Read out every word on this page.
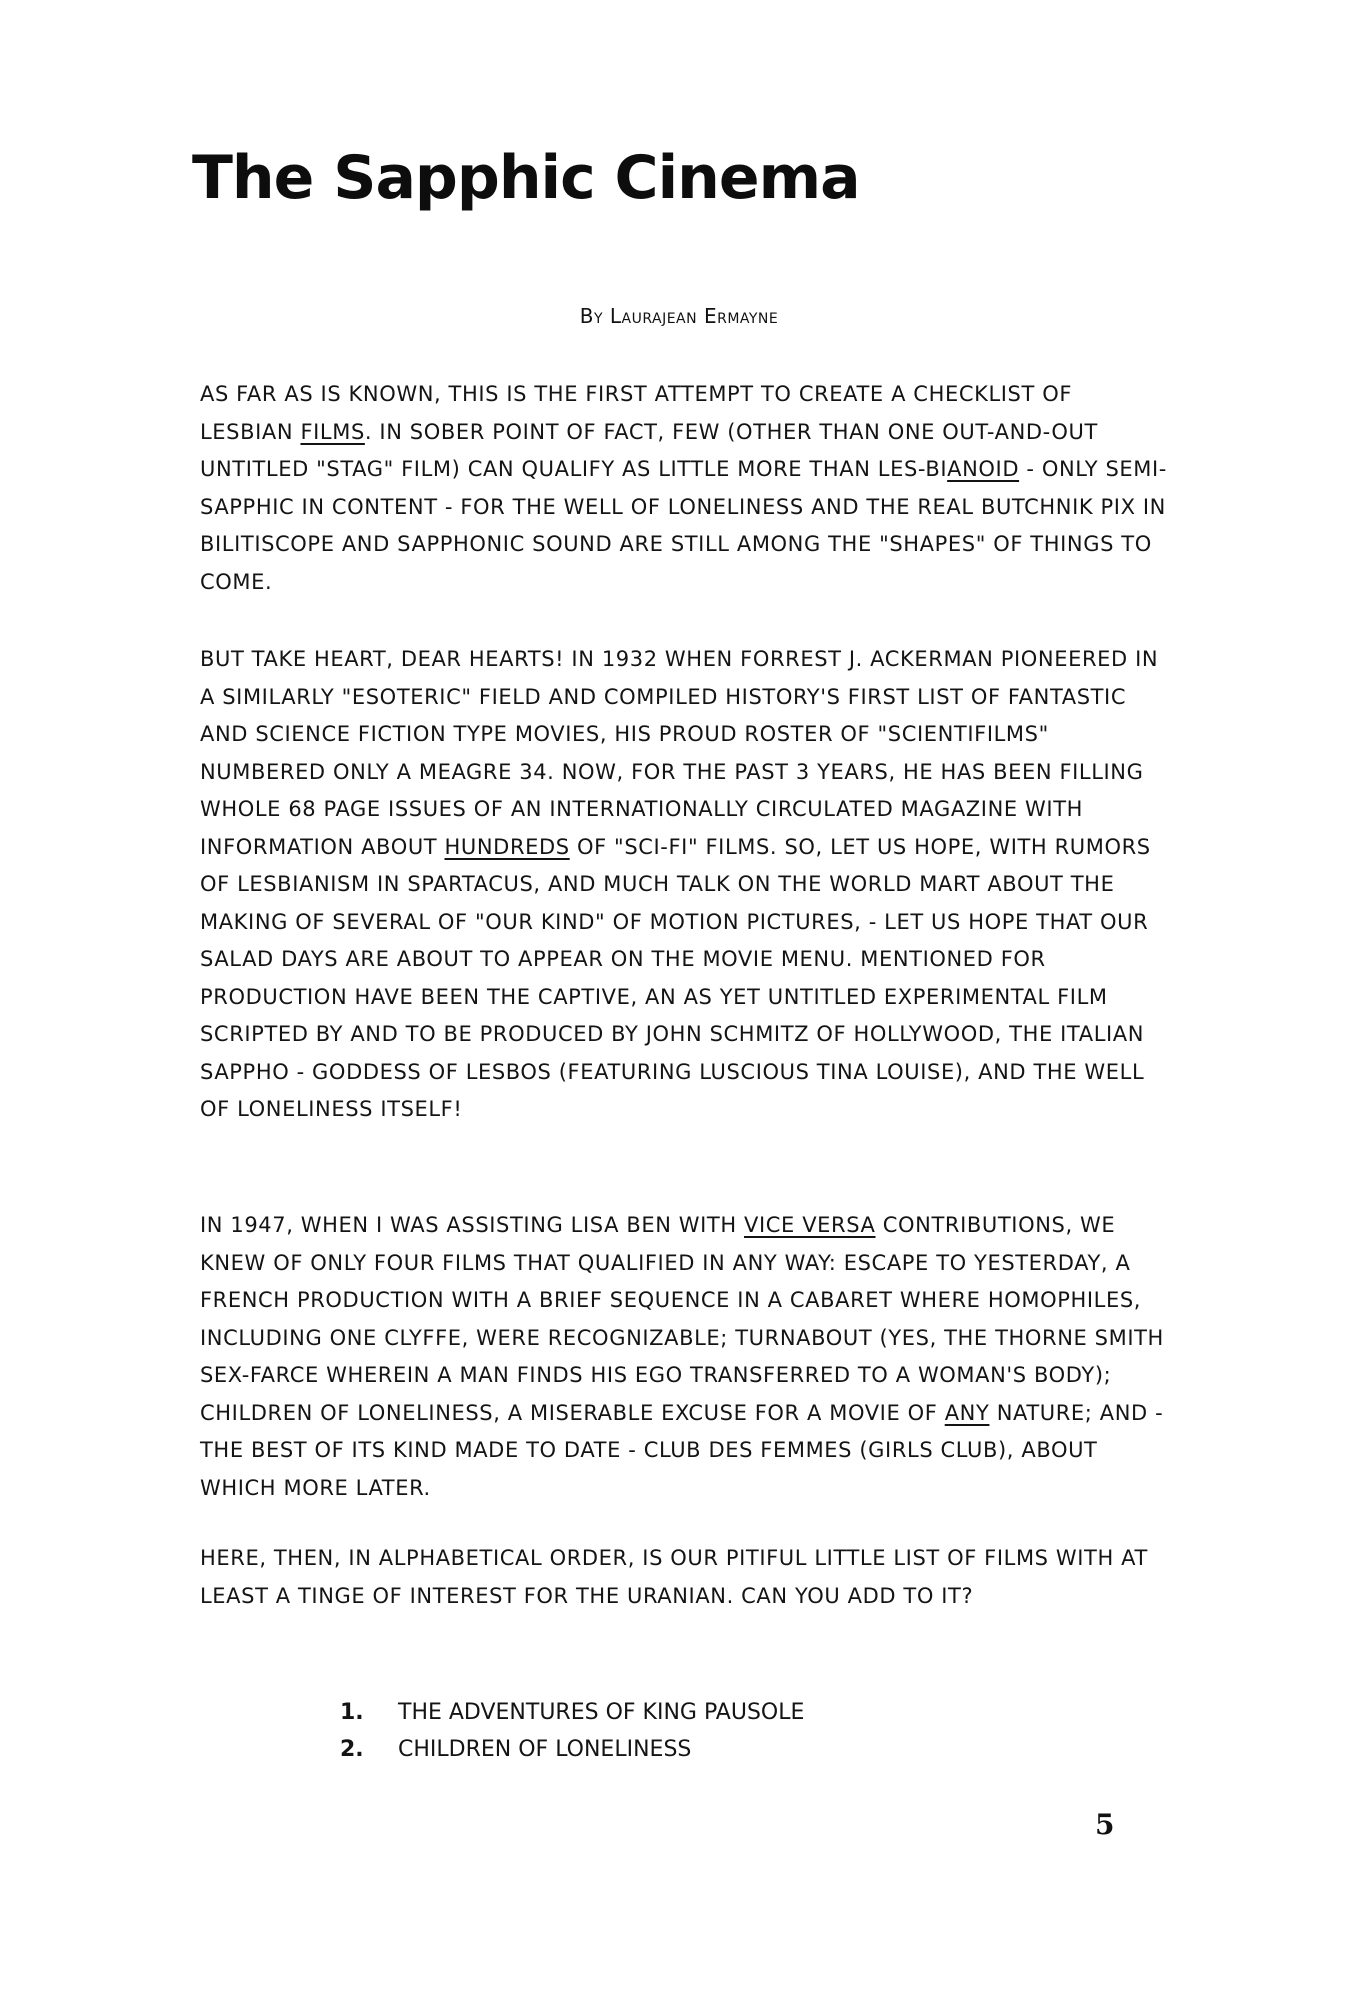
The Sapphic Cinema
By Laurajean Ermayne

AS FAR AS IS KNOWN, THIS IS THE FIRST ATTEMPT TO CREATE A CHECKLIST OF LESBIAN FILMS. IN SOBER POINT OF FACT, FEW (OTHER THAN ONE OUT-AND-OUT UNTITLED "STAG" FILM) CAN QUALIFY AS LITTLE MORE THAN LES-BIANOID - ONLY SEMI-SAPPHIC IN CONTENT - FOR THE WELL OF LONELINESS AND THE REAL BUTCHNIK PIX IN BILITISCOPE AND SAPPHONIC SOUND ARE STILL AMONG THE "SHAPES" OF THINGS TO COME.

BUT TAKE HEART, DEAR HEARTS! IN 1932 WHEN FORREST J. ACKERMAN PIONEERED IN A SIMILARLY "ESOTERIC" FIELD AND COMPILED HISTORY'S FIRST LIST OF FANTASTIC AND SCIENCE FICTION TYPE MOVIES, HIS PROUD ROSTER OF "SCIENTIFILMS" NUMBERED ONLY A MEAGRE 34. NOW, FOR THE PAST 3 YEARS, HE HAS BEEN FILLING WHOLE 68 PAGE ISSUES OF AN INTERNATIONALLY CIRCULATED MAGAZINE WITH INFORMATION ABOUT HUNDREDS OF "SCI-FI" FILMS. SO, LET US HOPE, WITH RUMORS OF LESBIANISM IN SPARTACUS, AND MUCH TALK ON THE WORLD MART ABOUT THE MAKING OF SEVERAL OF "OUR KIND" OF MOTION PICTURES, - LET US HOPE THAT OUR SALAD DAYS ARE ABOUT TO APPEAR ON THE MOVIE MENU. MENTIONED FOR PRODUCTION HAVE BEEN THE CAPTIVE, AN AS YET UNTITLED EXPERIMENTAL FILM SCRIPTED BY AND TO BE PRODUCED BY JOHN SCHMITZ OF HOLLYWOOD, THE ITALIAN SAPPHO - GODDESS OF LESBOS (FEATURING LUSCIOUS TINA LOUISE), AND THE WELL OF LONELINESS ITSELF!

IN 1947, WHEN I WAS ASSISTING LISA BEN WITH VICE VERSA CONTRIBUTIONS, WE KNEW OF ONLY FOUR FILMS THAT QUALIFIED IN ANY WAY: ESCAPE TO YESTERDAY, A FRENCH PRODUCTION WITH A BRIEF SEQUENCE IN A CABARET WHERE HOMOPHILES, INCLUDING ONE CLYFFE, WERE RECOGNIZABLE; TURNABOUT (YES, THE THORNE SMITH SEX-FARCE WHEREIN A MAN FINDS HIS EGO TRANSFERRED TO A WOMAN'S BODY); CHILDREN OF LONELINESS, A MISERABLE EXCUSE FOR A MOVIE OF ANY NATURE; AND - THE BEST OF ITS KIND MADE TO DATE - CLUB DES FEMMES (GIRLS CLUB), ABOUT WHICH MORE LATER.

HERE, THEN, IN ALPHABETICAL ORDER, IS OUR PITIFUL LITTLE LIST OF FILMS WITH AT LEAST A TINGE OF INTEREST FOR THE URANIAN. CAN YOU ADD TO IT?

1. THE ADVENTURES OF KING PAUSOLE
2. CHILDREN OF LONELINESS
5
